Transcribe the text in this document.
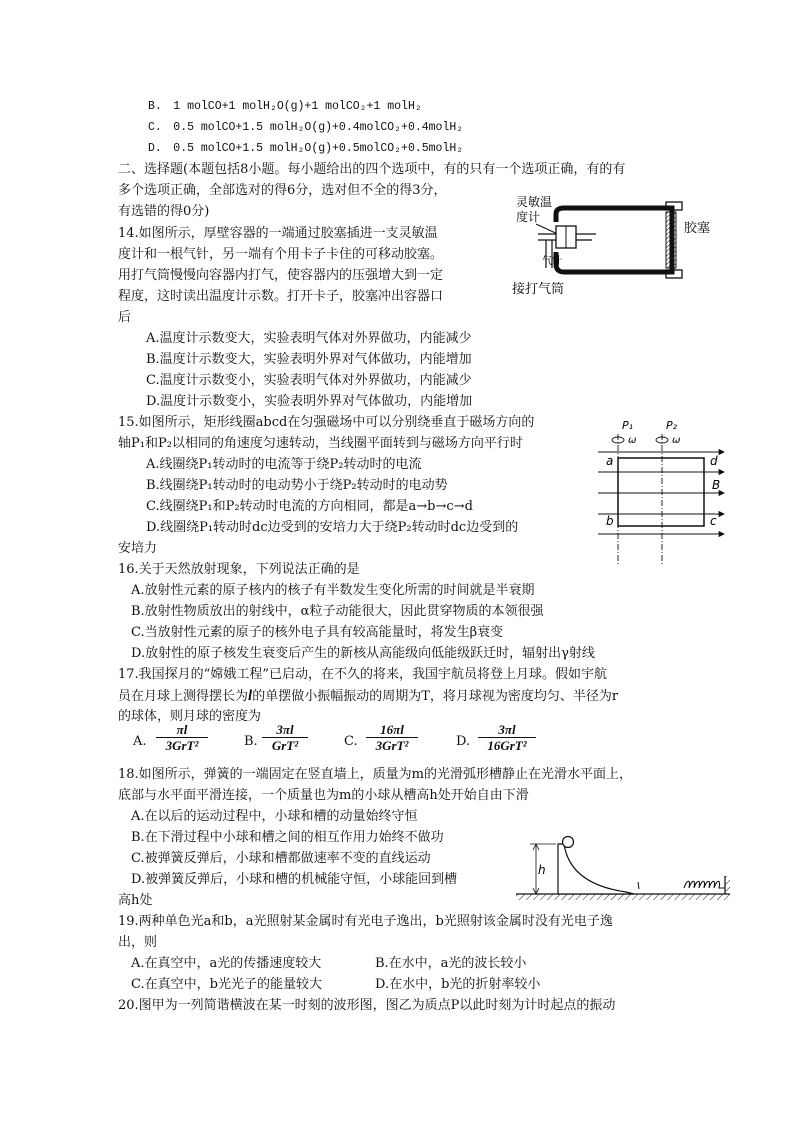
B.　1 molCO+1 molH₂O(g)+1 molCO₂+1 molH₂
C.　0.5 molCO+1.5 molH₂O(g)+0.4molCO₂+0.4molH₂
D.　0.5 molCO+1.5 molH₂O(g)+0.5molCO₂+0.5molH₂
二、选择题(本题包括8小题。每小题给出的四个选项中，有的只有一个选项正确，有的有
多个选项正确，全部选对的得6分，选对但不全的得3分，
有选错的得0分)
14.如图所示，厚壁容器的一端通过胶塞插进一支灵敏温
度计和一根气针，另一端有个用卡子卡住的可移动胶塞。
用打气筒慢慢向容器内打气，使容器内的压强增大到一定
程度，这时读出温度计示数。打开卡子，胶塞冲出容器口
后
A.温度计示数变大，实验表明气体对外界做功，内能减少
B.温度计示数变大，实验表明外界对气体做功，内能增加
C.温度计示数变小，实验表明气体对外界做功，内能减少
D.温度计示数变小，实验表明外界对气体做功，内能增加
灵敏温
度计
胶塞
气针
接打气筒
15.如图所示，矩形线圈abcd在匀强磁场中可以分别绕垂直于磁场方向的
轴P₁和P₂以相同的角速度匀速转动，当线圈平面转到与磁场方向平行时
A.线圈绕P₁转动时的电流等于绕P₂转动时的电流
B.线圈绕P₁转动时的电动势小于绕P₂转动时的电动势
C.线圈绕P₁和P₂转动时电流的方向相同，都是a→b→c→d
D.线圈绕P₁转动时dc边受到的安培力大于绕P₂转动时dc边受到的
安培力
P₁	P₂
ω	ω
a	d
b	c
B
16.关于天然放射现象，下列说法正确的是
A.放射性元素的原子核内的核子有半数发生变化所需的时间就是半衰期
B.放射性物质放出的射线中，α粒子动能很大，因此贯穿物质的本领很强
C.当放射性元素的原子的核外电子具有较高能量时，将发生β衰变
D.放射性的原子核发生衰变后产生的新核从高能级向低能级跃迁时，辐射出γ射线
17.我国探月的“嫦娥工程”已启动，在不久的将来，我国宇航员将登上月球。假如宇航
员在月球上测得摆长为l的单摆做小振幅振动的周期为T，将月球视为密度均匀、半径为r
的球体，则月球的密度为
A.
πl
3GrT²	B.
3πl
GrT²	C.
16πl
3GrT²	D.
3πl
16GrT²
18.如图所示，弹簧的一端固定在竖直墙上，质量为m的光滑弧形槽静止在光滑水平面上，
底部与水平面平滑连接，一个质量也为m的小球从槽高h处开始自由下滑
A.在以后的运动过程中，小球和槽的动量始终守恒
B.在下滑过程中小球和槽之间的相互作用力始终不做功
C.被弹簧反弹后，小球和槽都做速率不变的直线运动
D.被弹簧反弹后，小球和槽的机械能守恒，小球能回到槽
高h处
h
19.两种单色光a和b，a光照射某金属时有光电子逸出，b光照射该金属时没有光电子逸
出，则
A.在真空中，a光的传播速度较大	B.在水中，a光的波长较小
C.在真空中，b光光子的能量较大	D.在水中，b光的折射率较小
20.图甲为一列简谐横波在某一时刻的波形图，图乙为质点P以此时刻为计时起点的振动
